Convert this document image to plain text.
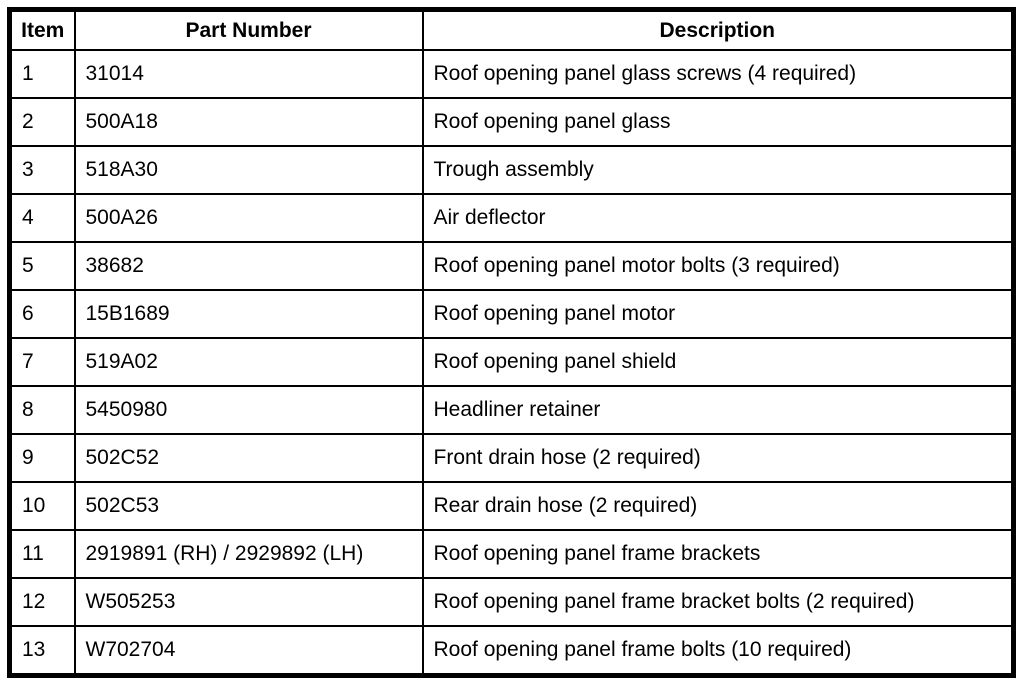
Item	Part Number	Description
1	31014	Roof opening panel glass screws (4 required)
2	500A18	Roof opening panel glass
3	518A30	Trough assembly
4	500A26	Air deflector
5	38682	Roof opening panel motor bolts (3 required)
6	15B1689	Roof opening panel motor
7	519A02	Roof opening panel shield
8	5450980	Headliner retainer
9	502C52	Front drain hose (2 required)
10	502C53	Rear drain hose (2 required)
11	2919891 (RH) / 2929892 (LH)	Roof opening panel frame brackets
12	W505253	Roof opening panel frame bracket bolts (2 required)
13	W702704	Roof opening panel frame bolts (10 required)
